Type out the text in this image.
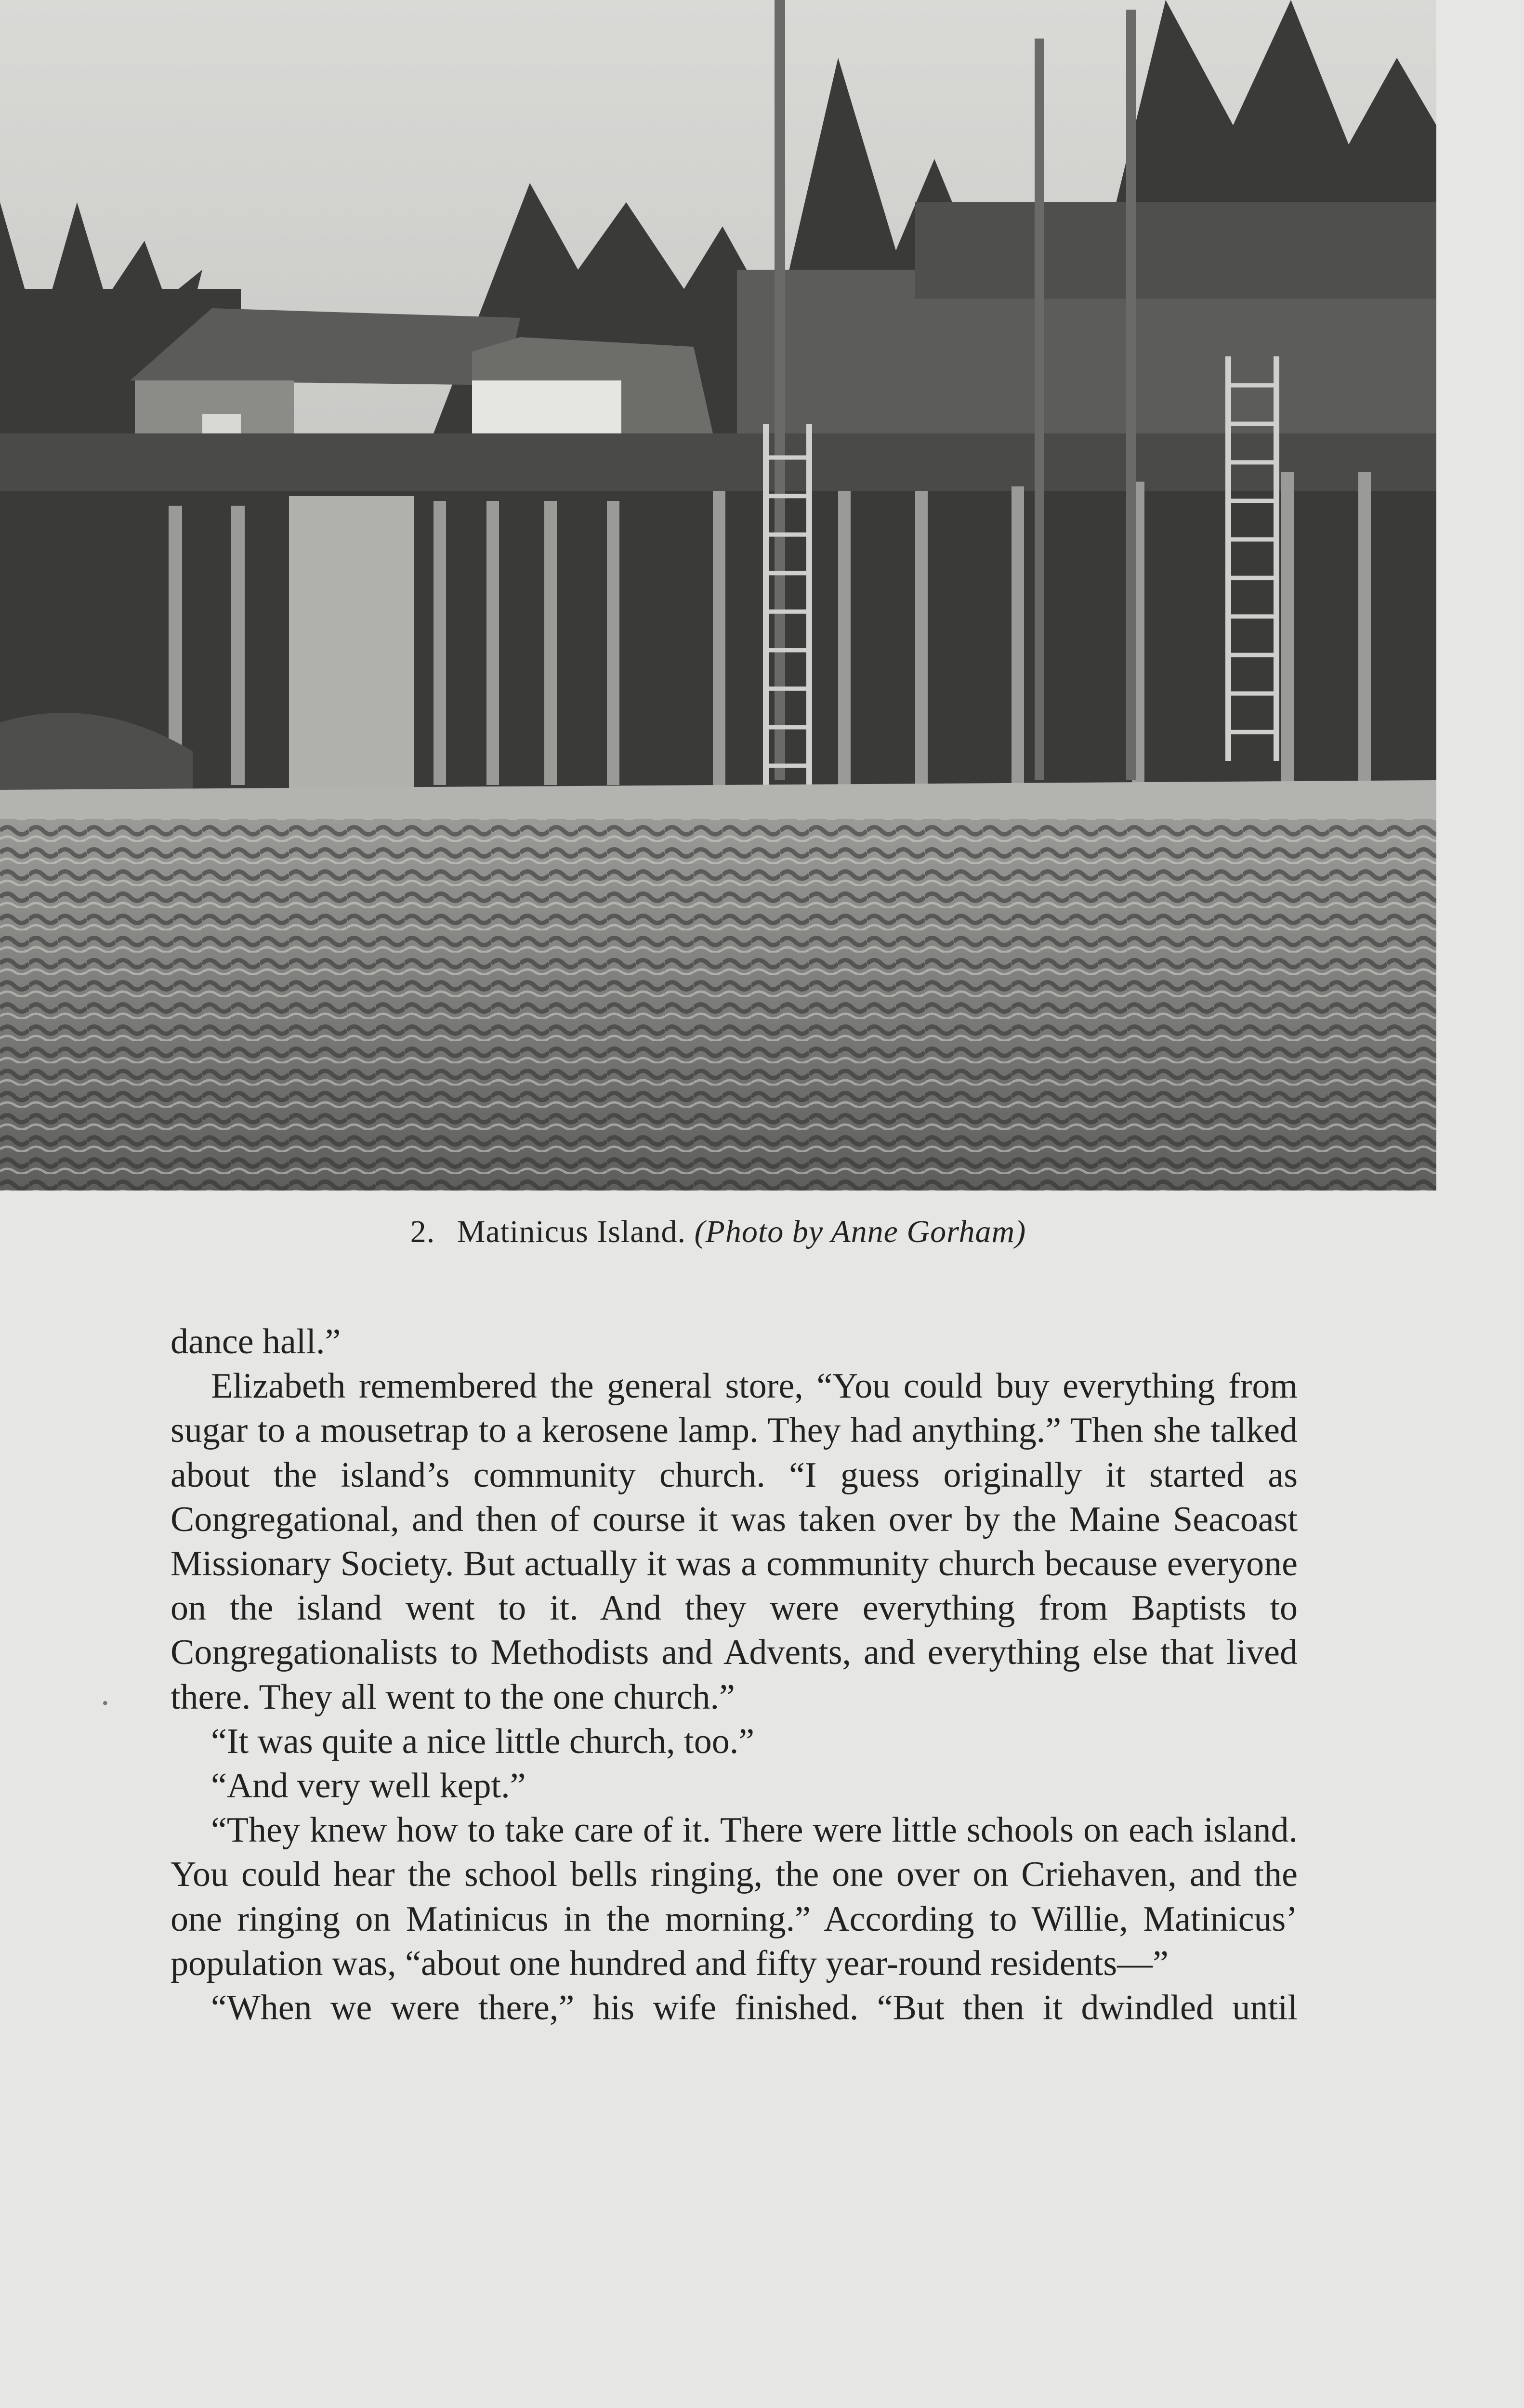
2. Matinicus Island. (Photo by Anne Gorham)
•

dance hall.”

Elizabeth remembered the general store, “You could buy everything from sugar to a mousetrap to a kerosene lamp. They had anything.” Then she talked about the island’s community church. “I guess originally it started as Congregational, and then of course it was taken over by the Maine Seacoast Missionary Society. But actually it was a community church because everyone on the island went to it. And they were everything from Baptists to Congregationalists to Methodists and Advents, and everything else that lived there. They all went to the one church.”

“It was quite a nice little church, too.”

“And very well kept.”

“They knew how to take care of it. There were little schools on each island. You could hear the school bells ringing, the one over on Criehaven, and the one ringing on Matinicus in the morning.” According to Willie, Matinicus’ population was, “about one hundred and fifty year-round residents—”

“When we were there,” his wife finished. “But then it dwindled until
